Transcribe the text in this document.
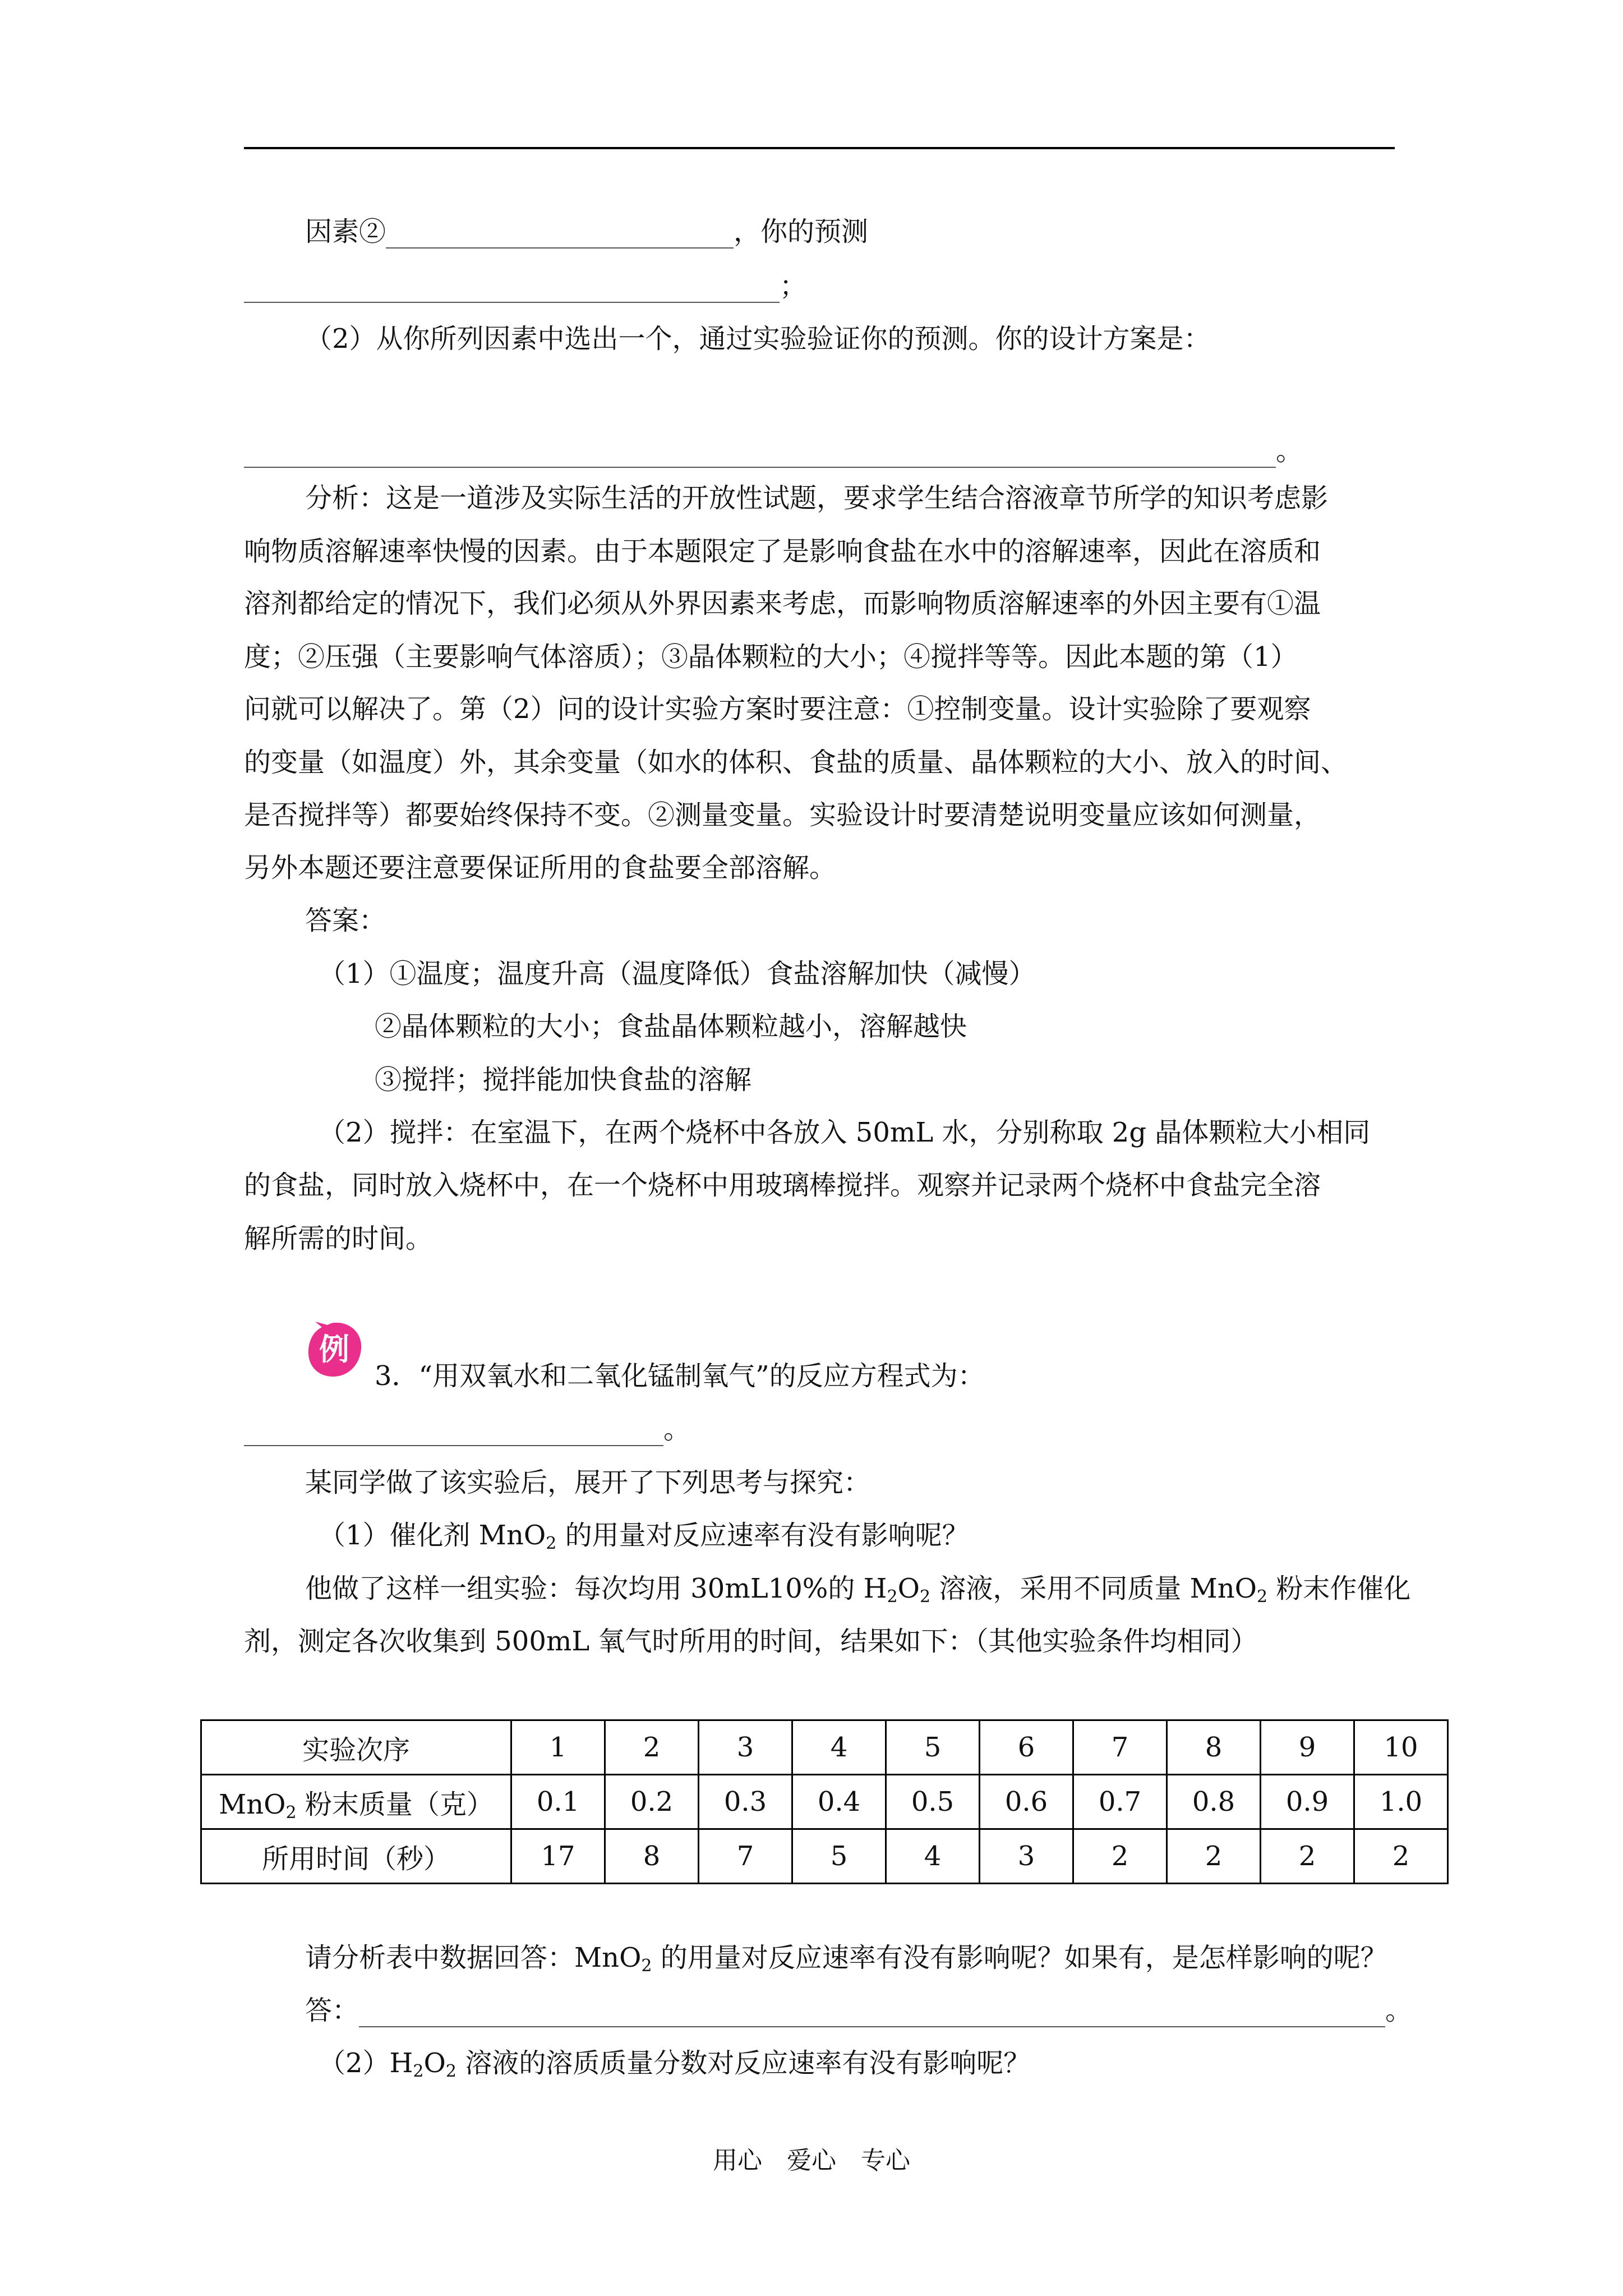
因素②	，你的预测
；
（2）从你所列因素中选出一个，通过实验验证你的预测。你的设计方案是：
。
分析：这是一道涉及实际生活的开放性试题，要求学生结合溶液章节所学的知识考虑影
响物质溶解速率快慢的因素。由于本题限定了是影响食盐在水中的溶解速率，因此在溶质和
溶剂都给定的情况下，我们必须从外界因素来考虑，而影响物质溶解速率的外因主要有①温
度；②压强（主要影响气体溶质）；③晶体颗粒的大小；④搅拌等等。因此本题的第（1）
问就可以解决了。第（2）问的设计实验方案时要注意：①控制变量。设计实验除了要观察
的变量（如温度）外，其余变量（如水的体积、食盐的质量、晶体颗粒的大小、放入的时间、
是否搅拌等）都要始终保持不变。②测量变量。实验设计时要清楚说明变量应该如何测量，
另外本题还要注意要保证所用的食盐要全部溶解。
答案：
（1）①温度；温度升高（温度降低）食盐溶解加快（减慢）
②晶体颗粒的大小；食盐晶体颗粒越小，溶解越快
③搅拌；搅拌能加快食盐的溶解
（2）搅拌：在室温下，在两个烧杯中各放入 50mL 水，分别称取 2g 晶体颗粒大小相同
的食盐，同时放入烧杯中，在一个烧杯中用玻璃棒搅拌。观察并记录两个烧杯中食盐完全溶
解所需的时间。
例
3．“用双氧水和二氧化锰制氧气”的反应方程式为：
。
某同学做了该实验后，展开了下列思考与探究：
（1）催化剂 MnO$_2$ 的用量对反应速率有没有影响呢？
他做了这样一组实验：每次均用 30mL10%的 $H_2O_2$ 溶液，采用不同质量 MnO$_2$ 粉末作催化
剂，测定各次收集到 500mL 氧气时所用的时间，结果如下：（其他实验条件均相同）
实验次序	1	2	3	4	5	6	7	8	9	10
MnO$_2$ 粉末质量（克）	0.1	0.2	0.3	0.4	0.5	0.6	0.7	0.8	0.9	1.0
所用时间（秒）	17	8	7	5	4	3	2	2	2	2
请分析表中数据回答：MnO$_2$ 的用量对反应速率有没有影响呢？如果有，是怎样影响的呢？
答：	。
$(2)H_2O_2$ 溶液的溶质质量分数对反应速率有没有影响呢？
用心　爱心　专心
